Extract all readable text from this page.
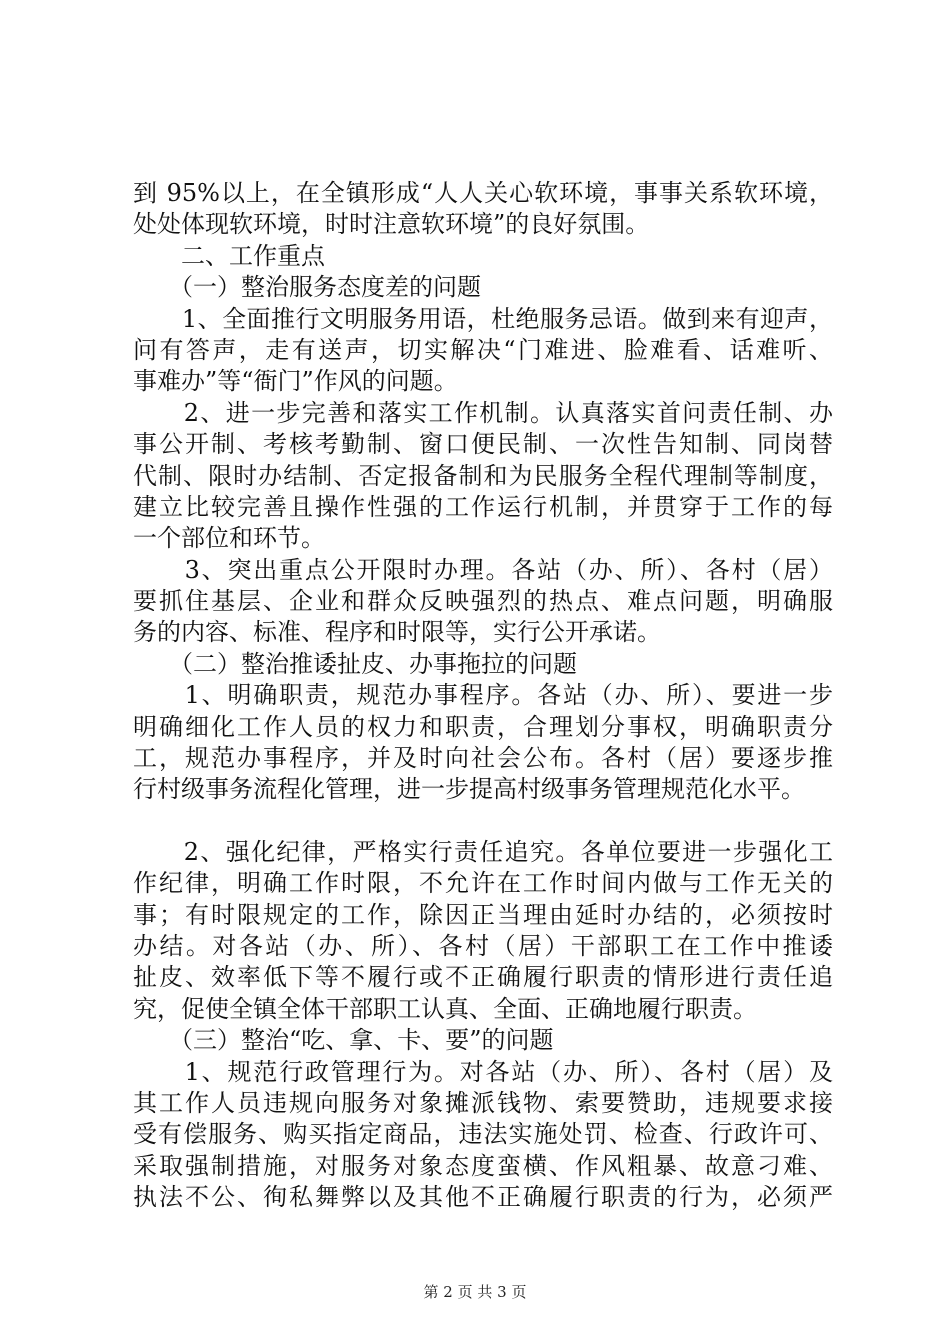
到 95%以上，在全镇形成“人人关心软环境，事事关系软环境，
处处体现软环境，时时注意软环境”的良好氛围。
　　二、工作重点
　　（一）整治服务态度差的问题
　　1、全面推行文明服务用语，杜绝服务忌语。做到来有迎声，
问有答声，走有送声，切实解决“门难进、脸难看、话难听、
事难办”等“衙门”作风的问题。
　　2、进一步完善和落实工作机制。认真落实首问责任制、办
事公开制、考核考勤制、窗口便民制、一次性告知制、同岗替
代制、限时办结制、否定报备制和为民服务全程代理制等制度，
建立比较完善且操作性强的工作运行机制，并贯穿于工作的每
一个部位和环节。
　　3、突出重点公开限时办理。各站（办、所）、各村（居）
要抓住基层、企业和群众反映强烈的热点、难点问题，明确服
务的内容、标准、程序和时限等，实行公开承诺。
　　（二）整治推诿扯皮、办事拖拉的问题
　　1、明确职责，规范办事程序。各站（办、所）、要进一步
明确细化工作人员的权力和职责，合理划分事权，明确职责分
工，规范办事程序，并及时向社会公布。各村（居）要逐步推
行村级事务流程化管理，进一步提高村级事务管理规范化水平。
　　2、强化纪律，严格实行责任追究。各单位要进一步强化工
作纪律，明确工作时限，不允许在工作时间内做与工作无关的
事；有时限规定的工作，除因正当理由延时办结的，必须按时
办结。对各站（办、所）、各村（居）干部职工在工作中推诿
扯皮、效率低下等不履行或不正确履行职责的情形进行责任追
究，促使全镇全体干部职工认真、全面、正确地履行职责。
　　（三）整治“吃、拿、卡、要”的问题
　　1、规范行政管理行为。对各站（办、所）、各村（居）及
其工作人员违规向服务对象摊派钱物、索要赞助，违规要求接
受有偿服务、购买指定商品，违法实施处罚、检查、行政许可、
采取强制措施，对服务对象态度蛮横、作风粗暴、故意刁难、
执法不公、徇私舞弊以及其他不正确履行职责的行为，必须严
第 2 页 共 3 页
